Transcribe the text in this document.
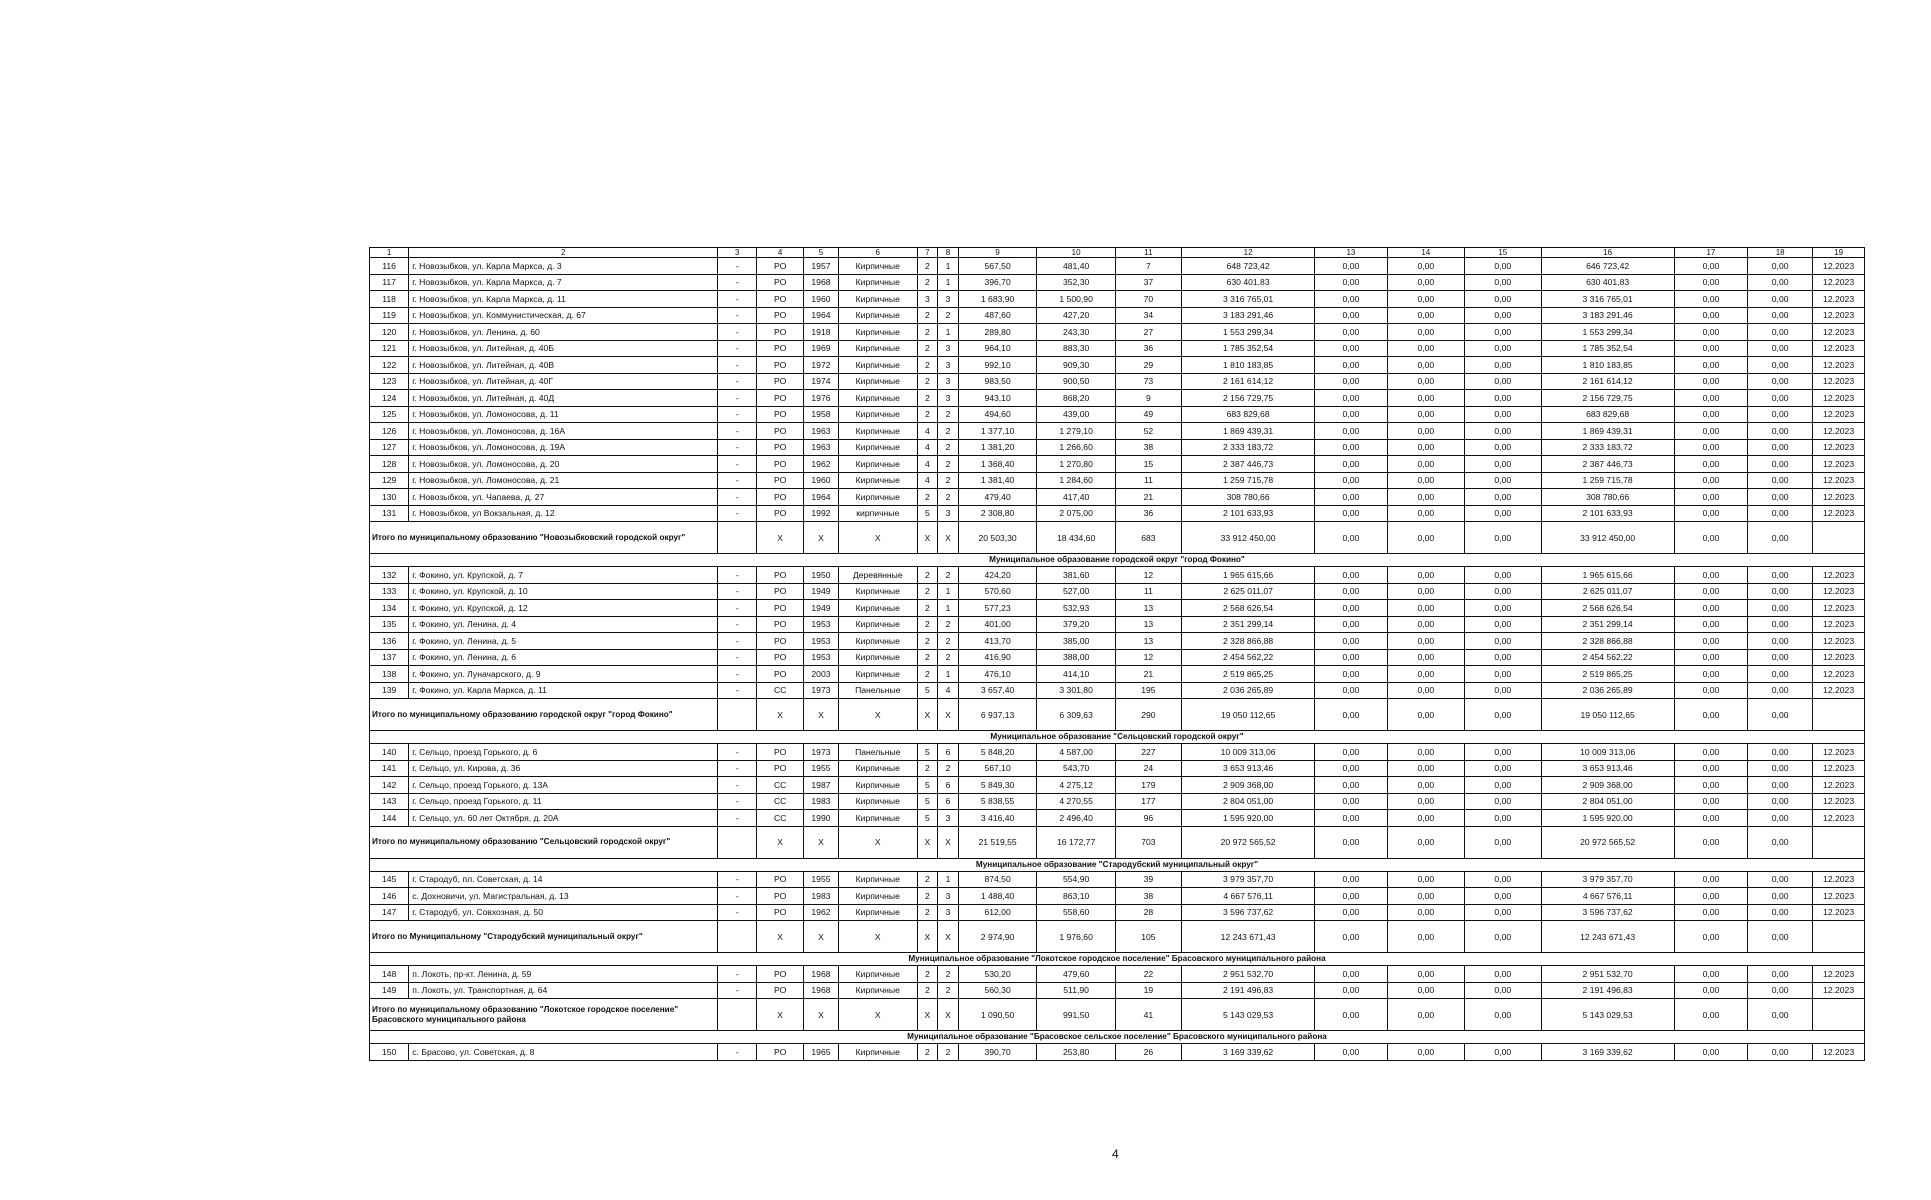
1	2	3	4	5	6	7	8	9	10	11	12	13	14	15	16	17	18	19
116	г. Новозыбков, ул. Карла Маркса, д. 3	-	РО	1957	Кирпичные	2	1	567,50	481,40	7	648 723,42	0,00	0,00	0,00	646 723,42	0,00	0,00	12.2023
117	г. Новозыбков, ул. Карла Маркса, д. 7	-	РО	1968	Кирпичные	2	1	396,70	352,30	37	630 401,83	0,00	0,00	0,00	630 401,83	0,00	0,00	12.2023
118	г. Новозыбков, ул. Карла Маркса, д. 11	-	РО	1960	Кирпичные	3	3	1 683,90	1 500,90	70	3 316 765,01	0,00	0,00	0,00	3 316 765,01	0,00	0,00	12.2023
119	г. Новозыбков, ул. Коммунистическая, д. 67	-	РО	1964	Кирпичные	2	2	487,60	427,20	34	3 183 291,46	0,00	0,00	0,00	3 183 291,46	0,00	0,00	12.2023
120	г. Новозыбков, ул. Ленина, д. 60	-	РО	1918	Кирпичные	2	1	289,80	243,30	27	1 553 299,34	0,00	0,00	0,00	1 553 299,34	0,00	0,00	12.2023
121	г. Новозыбков, ул. Литейная, д. 40Б	-	РО	1969	Кирпичные	2	3	964,10	883,30	36	1 785 352,54	0,00	0,00	0,00	1 785 352,54	0,00	0,00	12.2023
122	г. Новозыбков, ул. Литейная, д. 40В	-	РО	1972	Кирпичные	2	3	992,10	909,30	29	1 810 183,85	0,00	0,00	0,00	1 810 183,85	0,00	0,00	12.2023
123	г. Новозыбков, ул. Литейная, д. 40Г	-	РО	1974	Кирпичные	2	3	983,50	900,50	73	2 161 614,12	0,00	0,00	0,00	2 161 614,12	0,00	0,00	12.2023
124	г. Новозыбков, ул. Литейная, д. 40Д	-	РО	1976	Кирпичные	2	3	943,10	868,20	9	2 156 729,75	0,00	0,00	0,00	2 156 729,75	0,00	0,00	12.2023
125	г. Новозыбков, ул. Ломоносова, д. 11	-	РО	1958	Кирпичные	2	2	494,60	439,00	49	683 829,68	0,00	0,00	0,00	683 829,68	0,00	0,00	12.2023
126	г. Новозыбков, ул. Ломоносова, д. 16А	-	РО	1963	Кирпичные	4	2	1 377,10	1 279,10	52	1 869 439,31	0,00	0,00	0,00	1 869 439,31	0,00	0,00	12.2023
127	г. Новозыбков, ул. Ломоносова, д. 19А	-	РО	1963	Кирпичные	4	2	1 381,20	1 266,60	38	2 333 183,72	0,00	0,00	0,00	2 333 183,72	0,00	0,00	12.2023
128	г. Новозыбков, ул. Ломоносова, д. 20	-	РО	1962	Кирпичные	4	2	1 368,40	1 270,80	15	2 387 446,73	0,00	0,00	0,00	2 387 446,73	0,00	0,00	12.2023
129	г. Новозыбков, ул. Ломоносова, д. 21	-	РО	1960	Кирпичные	4	2	1 381,40	1 284,60	11	1 259 715,78	0,00	0,00	0,00	1 259 715,78	0,00	0,00	12.2023
130	г. Новозыбков, ул. Чапаева, д. 27	-	РО	1964	Кирпичные	2	2	479,40	417,40	21	308 780,66	0,00	0,00	0,00	308 780,66	0,00	0,00	12.2023
131	г. Новозыбков, ул Вокзальная, д. 12	-	РО	1992	кирпичные	5	3	2 308,80	2 075,00	36	2 101 633,93	0,00	0,00	0,00	2 101 633,93	0,00	0,00	12.2023
Итого по муниципальному образованию "Новозыбковский городской округ"			Х	Х	Х	Х	Х	20 503,30	18 434,60	683	33 912 450,00	0,00	0,00	0,00	33 912 450,00	0,00	0,00	
Муниципальное образование городской округ "город Фокино"																		
132	г. Фокино, ул. Крупской, д. 7	-	РО	1950	Деревянные	2	2	424,20	381,60	12	1 965 615,66	0,00	0,00	0,00	1 965 615,66	0,00	0,00	12.2023
133	г. Фокино, ул. Крупской, д. 10	-	РО	1949	Кирпичные	2	1	570,60	527,00	11	2 625 011,07	0,00	0,00	0,00	2 625 011,07	0,00	0,00	12.2023
134	г. Фокино, ул. Крупской, д. 12	-	РО	1949	Кирпичные	2	1	577,23	532,93	13	2 568 626,54	0,00	0,00	0,00	2 568 626,54	0,00	0,00	12.2023
135	г. Фокино, ул. Ленина, д. 4	-	РО	1953	Кирпичные	2	2	401,00	379,20	13	2 351 299,14	0,00	0,00	0,00	2 351 299,14	0,00	0,00	12.2023
136	г. Фокино, ул. Ленина, д. 5	-	РО	1953	Кирпичные	2	2	413,70	385,00	13	2 328 866,88	0,00	0,00	0,00	2 328 866,88	0,00	0,00	12.2023
137	г. Фокино, ул. Ленина, д. 6	-	РО	1953	Кирпичные	2	2	416,90	388,00	12	2 454 562,22	0,00	0,00	0,00	2 454 562,22	0,00	0,00	12.2023
138	г. Фокино, ул. Луначарского, д. 9	-	РО	2003	Кирпичные	2	1	476,10	414,10	21	2 519 865,25	0,00	0,00	0,00	2 519 865,25	0,00	0,00	12.2023
139	г. Фокино, ул. Карла Маркса, д. 11	-	СС	1973	Панельные	5	4	3 657,40	3 301,80	195	2 036 265,89	0,00	0,00	0,00	2 036 265,89	0,00	0,00	12.2023
Итого по муниципальному образованию городской округ "город Фокино"			Х	Х	Х	Х	Х	6 937,13	6 309,63	290	19 050 112,65	0,00	0,00	0,00	19 050 112,65	0,00	0,00	
Муниципальное образование "Сельцовский городской округ"																		
140	г. Сельцо, проезд Горького, д. 6	-	РО	1973	Панельные	5	6	5 848,20	4 587,00	227	10 009 313,06	0,00	0,00	0,00	10 009 313,06	0,00	0,00	12.2023
141	г. Сельцо, ул. Кирова, д. 36	-	РО	1955	Кирпичные	2	2	567,10	543,70	24	3 653 913,46	0,00	0,00	0,00	3 653 913,46	0,00	0,00	12.2023
142	г. Сельцо, проезд Горького, д. 13А	-	СС	1987	Кирпичные	5	6	5 849,30	4 275,12	179	2 909 368,00	0,00	0,00	0,00	2 909 368,00	0,00	0,00	12.2023
143	г. Сельцо, проезд Горького, д. 11	-	СС	1983	Кирпичные	5	6	5 838,55	4 270,55	177	2 804 051,00	0,00	0,00	0,00	2 804 051,00	0,00	0,00	12.2023
144	г. Сельцо, ул. 60 лет Октября, д. 20А	-	СС	1990	Кирпичные	5	3	3 416,40	2 496,40	96	1 595 920,00	0,00	0,00	0,00	1 595 920,00	0,00	0,00	12.2023
Итого по муниципальному образованию "Сельцовский городской округ"			Х	Х	Х	Х	Х	21 519,55	16 172,77	703	20 972 565,52	0,00	0,00	0,00	20 972 565,52	0,00	0,00	
Муниципальное образование "Стародубский муниципальный округ"																		
145	г. Стародуб, пл. Советская, д. 14	-	РО	1955	Кирпичные	2	1	874,50	554,90	39	3 979 357,70	0,00	0,00	0,00	3 979 357,70	0,00	0,00	12.2023
146	с. Дохновичи, ул. Магистральная, д. 13	-	РО	1983	Кирпичные	2	3	1 488,40	863,10	38	4 667 576,11	0,00	0,00	0,00	4 667 576,11	0,00	0,00	12.2023
147	г. Стародуб, ул. Совхозная, д. 50	-	РО	1962	Кирпичные	2	3	612,00	558,60	28	3 596 737,62	0,00	0,00	0,00	3 596 737,62	0,00	0,00	12.2023
Итого по Муниципальному "Стародубский муниципальный округ"			Х	Х	Х	Х	Х	2 974,90	1 976,60	105	12 243 671,43	0,00	0,00	0,00	12 243 671,43	0,00	0,00	
Муниципальное образование "Локотское городское поселение" Брасовского муниципального района																		
148	п. Локоть, пр-кт. Ленина, д. 59	-	РО	1968	Кирпичные	2	2	530,20	479,60	22	2 951 532,70	0,00	0,00	0,00	2 951 532,70	0,00	0,00	12.2023
149	п. Локоть, ул. Транспортная, д. 64	-	РО	1968	Кирпичные	2	2	560,30	511,90	19	2 191 496,83	0,00	0,00	0,00	2 191 496,83	0,00	0,00	12.2023
Итого по муниципальному образованию "Локотское городское поселение" Брасовского муниципального района			Х	Х	Х	Х	Х	1 090,50	991,50	41	5 143 029,53	0,00	0,00	0,00	5 143 029,53	0,00	0,00	
Муниципальное образование "Брасовское сельское поселение" Брасовского муниципального района																		
150	с. Брасово, ул. Советская, д. 8	-	РО	1965	Кирпичные	2	2	390,70	253,80	26	3 169 339,62	0,00	0,00	0,00	3 169 339,62	0,00	0,00	12.2023
4
